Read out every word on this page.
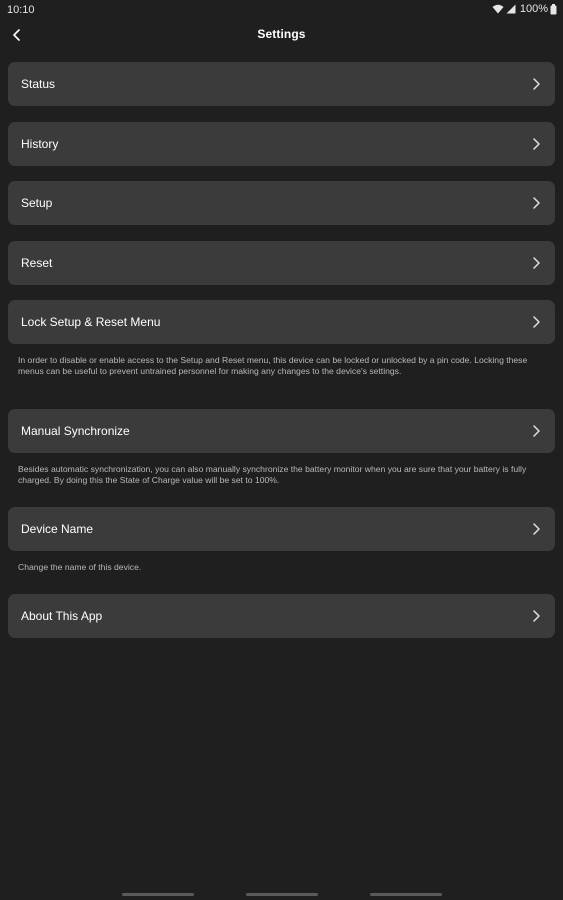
10:10	100%
Settings
Status
History
Setup
Reset
Lock Setup & Reset Menu
In order to disable or enable access to the Setup and Reset menu, this device can be locked or unlocked by a pin code. Locking these menus can be useful to prevent untrained personnel for making any changes to the device's settings.
Manual Synchronize
Besides automatic synchronization, you can also manually synchronize the battery monitor when you are sure that your battery is fully charged. By doing this the State of Charge value will be set to 100%.
Device Name
Change the name of this device.
About This App
